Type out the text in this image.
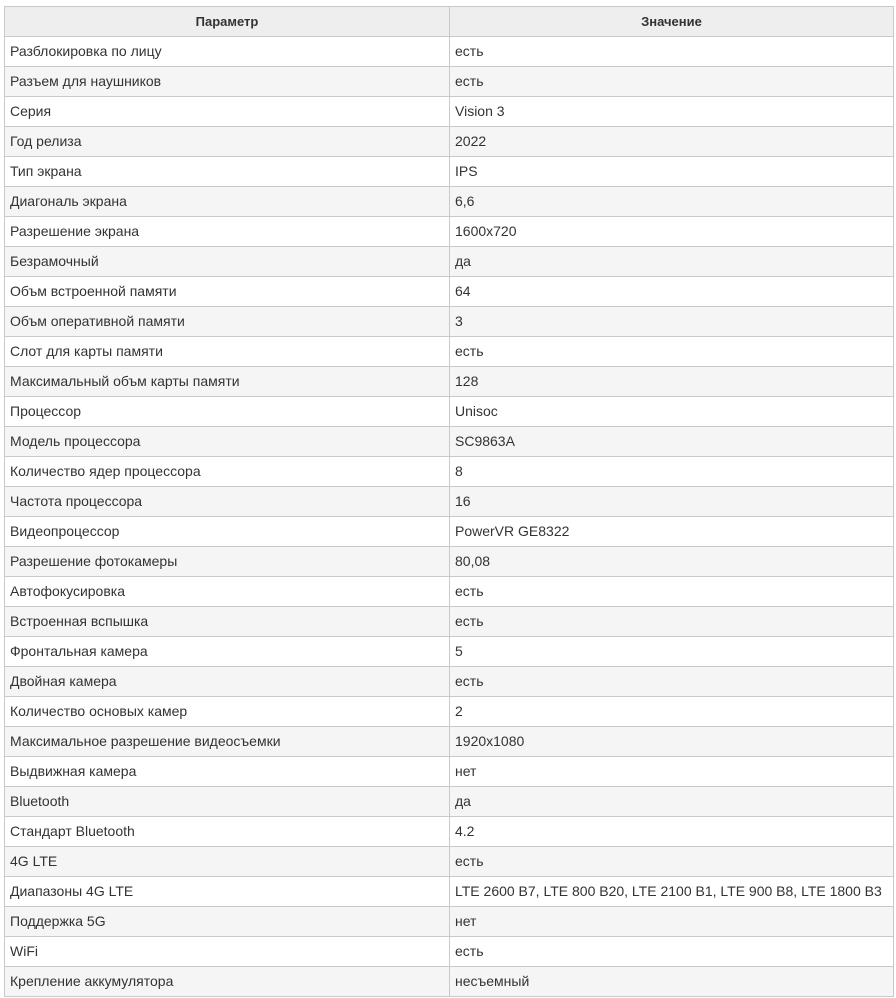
Параметр	Значение
Разблокировка по лицу	есть
Разъем для наушников	есть
Серия	Vision 3
Год релиза	2022
Тип экрана	IPS
Диагональ экрана	6,6
Разрешение экрана	1600x720
Безрамочный	да
Объм встроенной памяти	64
Объм оперативной памяти	3
Слот для карты памяти	есть
Максимальный объм карты памяти	128
Процессор	Unisoc
Модель процессора	SC9863A
Количество ядер процессора	8
Частота процессора	16
Видеопроцессор	PowerVR GE8322
Разрешение фотокамеры	80,08
Автофокусировка	есть
Встроенная вспышка	есть
Фронтальная камера	5
Двойная камера	есть
Количество основых камер	2
Максимальное разрешение видеосъемки	1920x1080
Выдвижная камера	нет
Bluetooth	да
Стандарт Bluetooth	4.2
4G LTE	есть
Диапазоны 4G LTE	LTE 2600 B7, LTE 800 B20, LTE 2100 B1, LTE 900 B8, LTE 1800 B3
Поддержка 5G	нет
WiFi	есть
Крепление аккумулятора	несъемный
